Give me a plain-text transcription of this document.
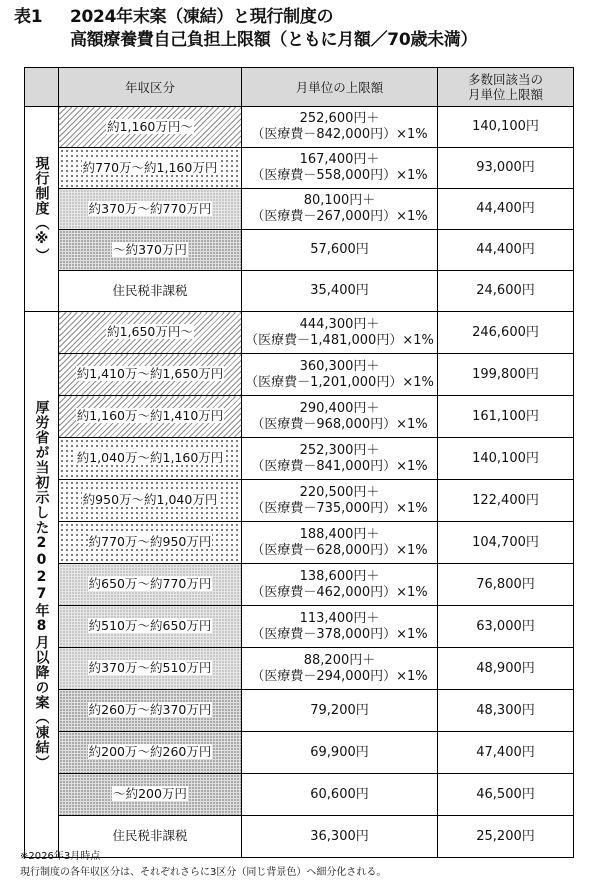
表1 2024年末案（凍結）と現行制度の
高額療養費自己負担上限額（ともに月額／70歳未満）
	年収区分	月単位の上限額	多数回該当の
月単位上限額

現行制度（※）	約1,160万円～	252,600円＋
（医療費－842,000円）×1%	140,100円
	約770万～約1,160万円	167,400円＋
（医療費－558,000円）×1%	93,000円
	約370万～約770万円	80,100円＋
（医療費－267,000円）×1%	44,400円
	～約370万円	57,600円	44,400円
	住民税非課税	35,400円	24,600円

厚労省が当初示した2027年8月以降の案（凍結）	約1,650万円～	444,300円＋
（医療費－1,481,000円）×1%	246,600円
	約1,410万～約1,650万円	360,300円＋
（医療費－1,201,000円）×1%	199,800円
	約1,160万～約1,410万円	290,400円＋
（医療費－968,000円）×1%	161,100円
	約1,040万～約1,160万円	252,300円＋
（医療費－841,000円）×1%	140,100円
	約950万～約1,040万円	220,500円＋
（医療費－735,000円）×1%	122,400円
	約770万～約950万円	188,400円＋
（医療費－628,000円）×1%	104,700円
	約650万～約770万円	138,600円＋
（医療費－462,000円）×1%	76,800円
	約510万～約650万円	113,400円＋
（医療費－378,000円）×1%	63,000円
	約370万～約510万円	88,200円＋
（医療費－294,000円）×1%	48,900円
	約260万～約370万円	79,200円	48,300円
	約200万～約260万円	69,900円	47,400円
	～約200万円	60,600円	46,500円
	住民税非課税	36,300円	25,200円
※2026年3月時点
現行制度の各年収区分は、それぞれさらに3区分（同じ背景色）へ細分化される。
